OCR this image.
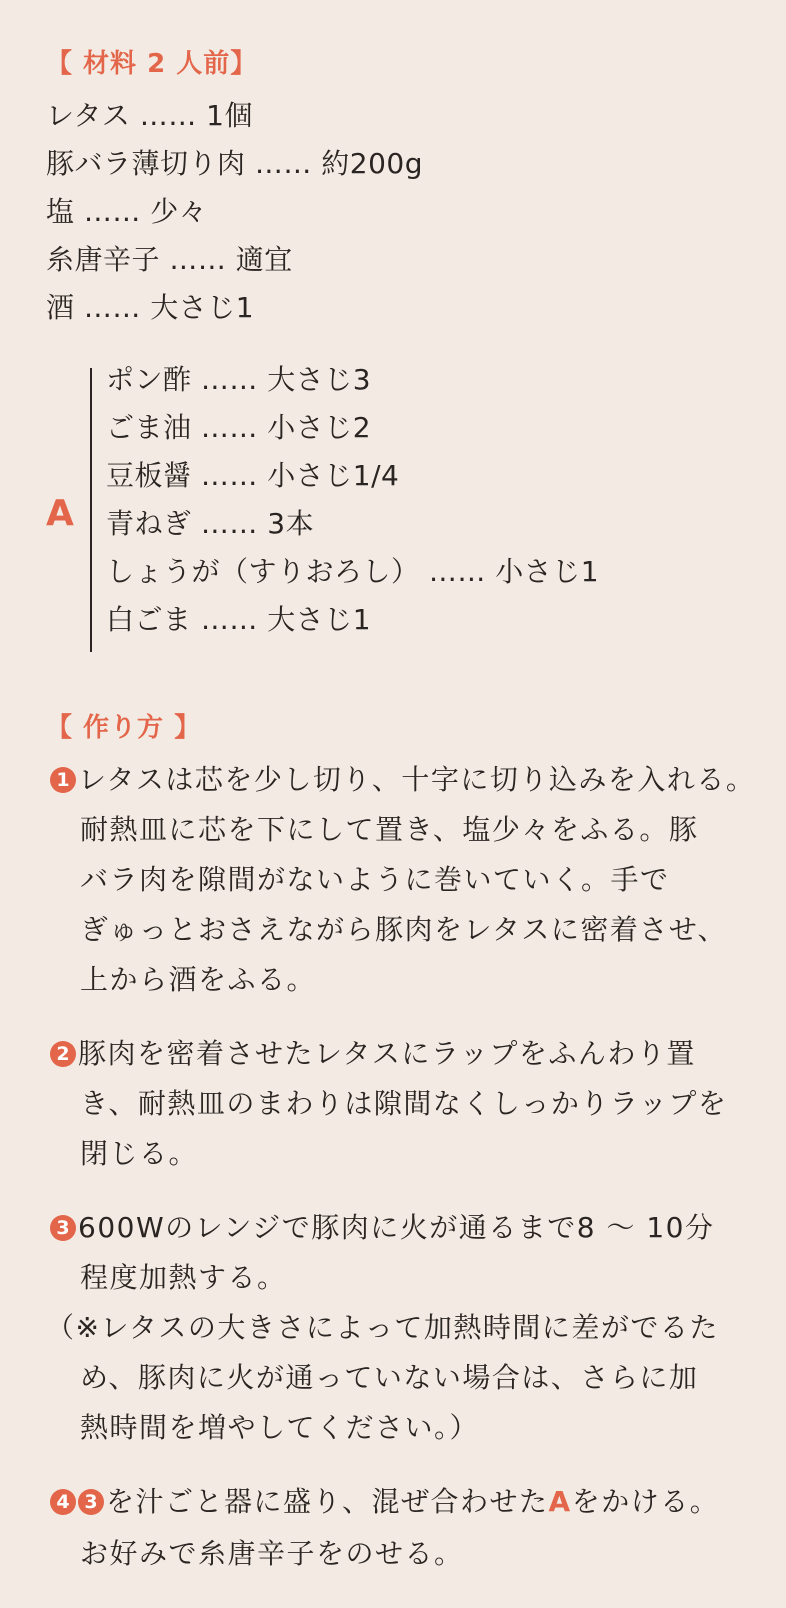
【 材料 2 人前】
レタス …… 1個
豚バラ薄切り肉 …… 約200g
塩 …… 少々
糸唐辛子 …… 適宜
酒 …… 大さじ1
A
ポン酢 …… 大さじ3
ごま油 …… 小さじ2
豆板醤 …… 小さじ1/4
青ねぎ …… 3本
しょうが（すりおろし） …… 小さじ1
白ごま …… 大さじ1
【 作り方 】
1 レタスは芯を少し切り、十字に切り込みを入れる。
耐熱皿に芯を下にして置き、塩少々をふる。豚
バラ肉を隙間がないように巻いていく。手で
ぎゅっとおさえながら豚肉をレタスに密着させ、
上から酒をふる。
2 豚肉を密着させたレタスにラップをふんわり置
き、耐熱皿のまわりは隙間なくしっかりラップを
閉じる。
3 600Wのレンジで豚肉に火が通るまで8 〜 10分
程度加熱する。
（※レタスの大きさによって加熱時間に差がでるた
め、豚肉に火が通っていない場合は、さらに加
熱時間を増やしてください。）
4 3 を汁ごと器に盛り、混ぜ合わせたAをかける。
お好みで糸唐辛子をのせる。
